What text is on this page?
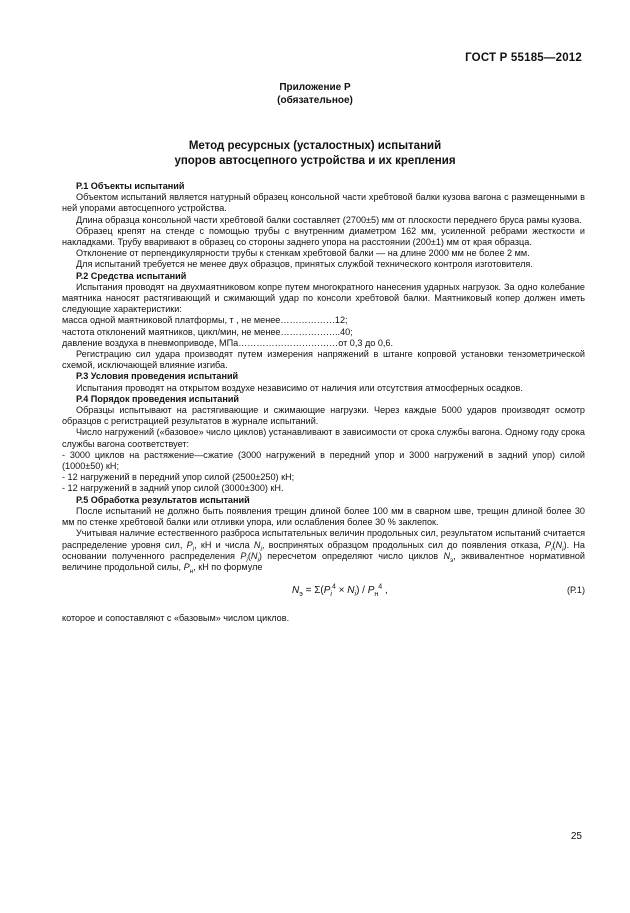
ГОСТ Р 55185—2012
Приложение Р
(обязательное)
Метод ресурсных (усталостных) испытаний
упоров автосцепного устройства и их крепления

Р.1 Объекты испытаний

Объектом испытаний является натурный образец консольной части хребтовой балки кузова вагона с размещенными в ней упорами автосцепного устройства.

Длина образца консольной части хребтовой балки составляет (2700±5) мм от плоскости переднего бруса рамы кузова.

Образец крепят на стенде с помощью трубы с внутренним диаметром 162 мм, усиленной ребрами жесткости и накладками. Трубу вваривают в образец со стороны заднего упора на расстоянии (200±1) мм от края образца.

Отклонение от перпендикулярности трубы к стенкам хребтовой балки — на длине 2000 мм не более 2 мм.

Для испытаний требуется не менее двух образцов, принятых службой технического контроля изготовителя.

Р.2 Средства испытаний

Испытания проводят на двухмаятниковом копре путем многократного нанесения ударных нагрузок. За одно колебание маятника наносят растягивающий и сжимающий удар по консоли хребтовой балки. Маятниковый копер должен иметь следующие характеристики:

масса одной маятниковой платформы, т , не менее………………12;

частота отклонений маятников, цикл/мин, не менее………………..40;

давление воздуха в пневмоприводе, МПа……………………………от 0,3 до 0,6.

Регистрацию сил удара производят путем измерения напряжений в штанге копровой установки тензометрической схемой, исключающей влияние изгиба.

Р.3 Условия проведения испытаний

Испытания проводят на открытом воздухе независимо от наличия или отсутствия атмосферных осадков.

Р.4 Порядок проведения испытаний

Образцы испытывают на растягивающие и сжимающие нагрузки. Через каждые 5000 ударов производят осмотр образцов с регистрацией результатов в журнале испытаний.

Число нагружений («базовое» число циклов) устанавливают в зависимости от срока службы вагона. Одному году срока службы вагона соответствует:

- 3000 циклов на растяжение—сжатие (3000 нагружений в передний упор и 3000 нагружений в задний упор) силой (1000±50) кН;

- 12 нагружений в передний упор силой (2500±250) кН;

- 12 нагружений в задний упор силой (3000±300) кН.

Р.5 Обработка результатов испытаний

После испытаний не должно быть появления трещин длиной более 100 мм в сварном шве, трещин длиной более 30 мм по стенке хребтовой балки или отливки упора, или ослабления более 30 % заклепок.

Учитывая наличие естественного разброса испытательных величин продольных сил, результатом испытаний считается распределение уровня сил, $P_i$, кН и числа $N_i$, воспринятых образцом продольных сил до появления отказа, $P_i(N_i)$. На основании полученного распределения $P_i(N_i)$ пересчетом определяют число циклов $N_э$, эквивалентное нормативной величине продольной силы, $P_н$, кН по формуле

$N_э = \Sigma(P_i^4 \times N_i) / P_н^4$ ,	(Р.1)

которое и сопоставляют с «базовым» числом циклов.

25
